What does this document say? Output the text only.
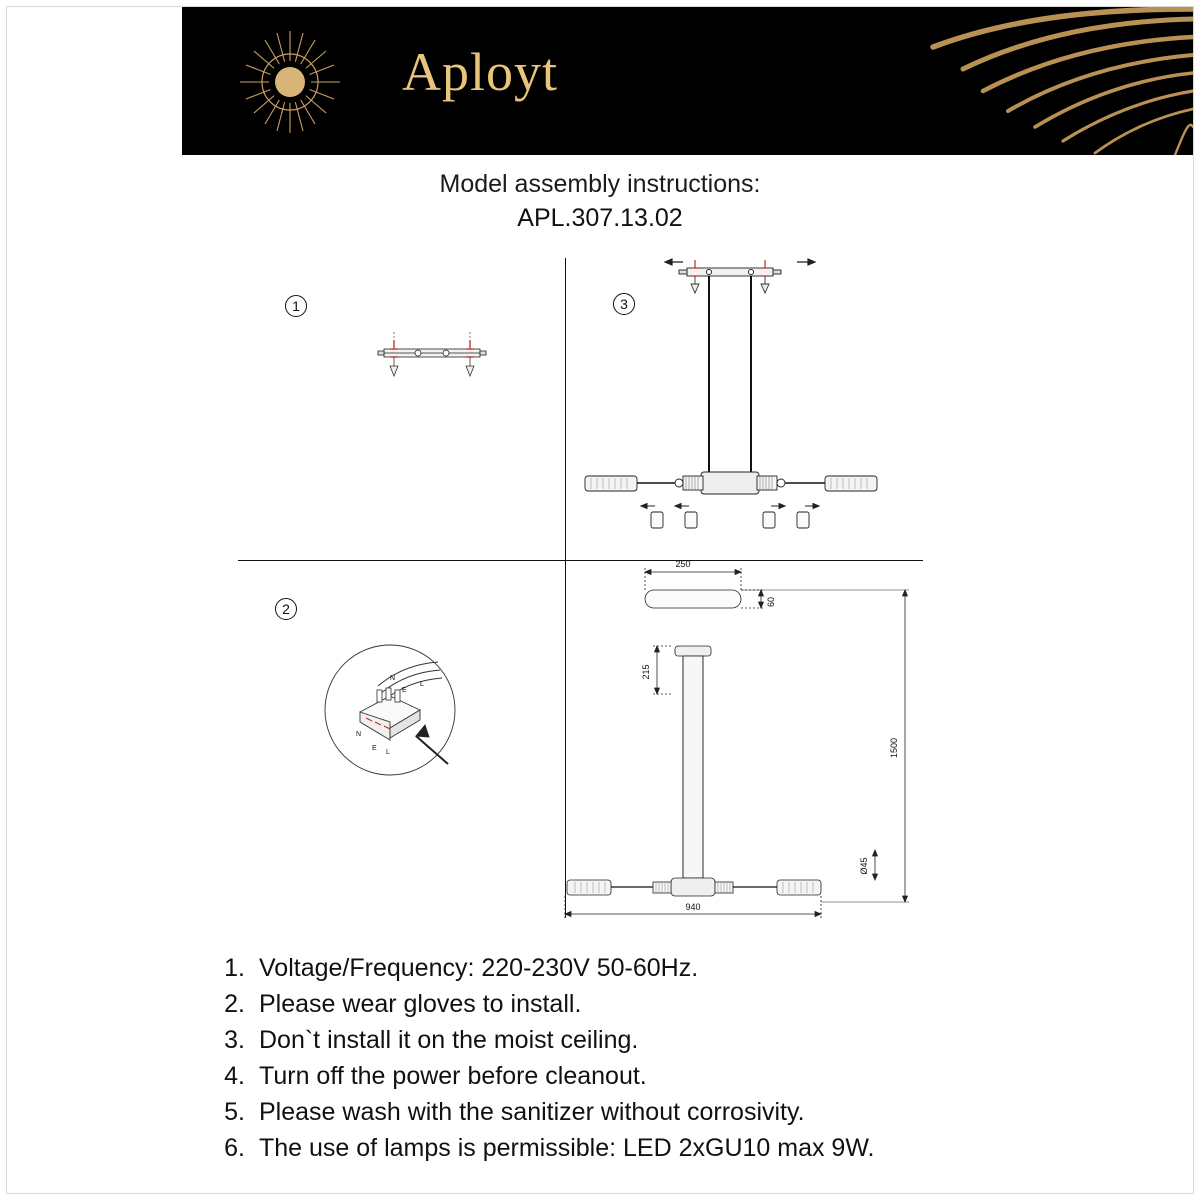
Aployt
Model assembly instructions:
APL.307.13.02
1
2
3
N
L
E
N
E
L
250
60
215
1500
Ø45
940
1. Voltage/Frequency: 220-230V 50-60Hz.
2. Please wear gloves to install.
3. Don`t install it on the moist ceiling.
4. Turn off the power before cleanout.
5. Please wash with the sanitizer without corrosivity.
6. The use of lamps is permissible: LED 2xGU10 max 9W.
